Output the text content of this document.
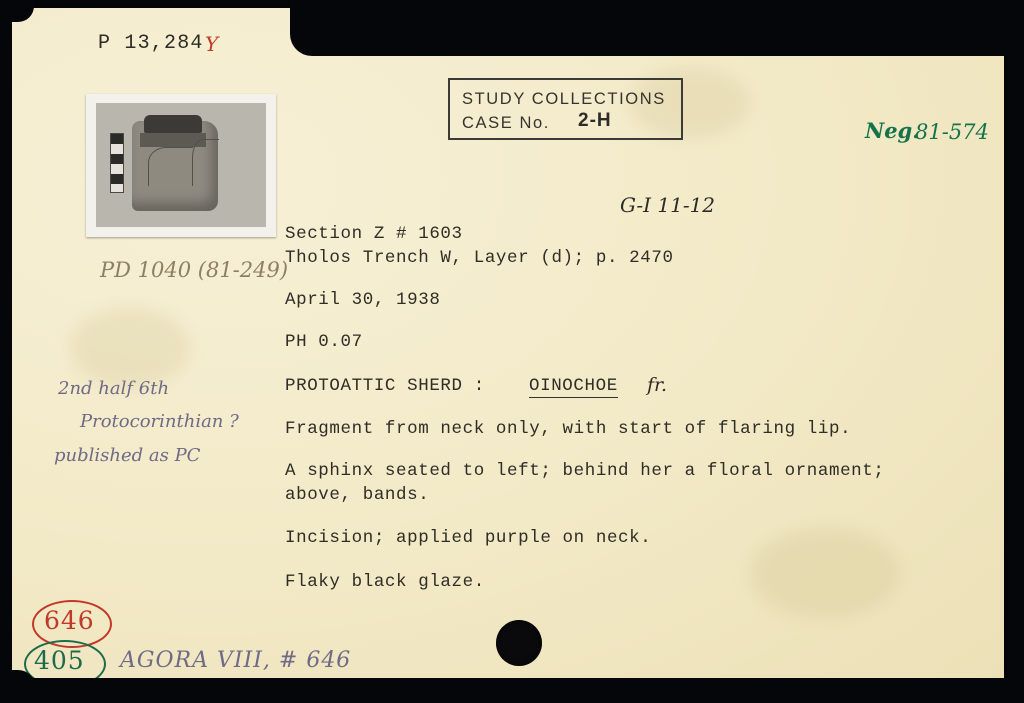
P 13,284 Y
STUDY COLLECTIONS
CASE No. 2-H	Neg.
81-574
G-I 11-12
PD 1040 (81-249)
2nd half 6th
Protocorinthian ?
published as PC
Section Z # 1603
Tholos Trench W, Layer (d); p. 2470
April 30, 1938
PH 0.07
PROTOATTIC SHERD : OINOCHOE fr.
Fragment from neck only, with start of flaring lip.
A sphinx seated to left; behind her a floral ornament;
above, bands.
Incision; applied purple on neck.
Flaky black glaze.
646
405 AGORA VIII, # 646
